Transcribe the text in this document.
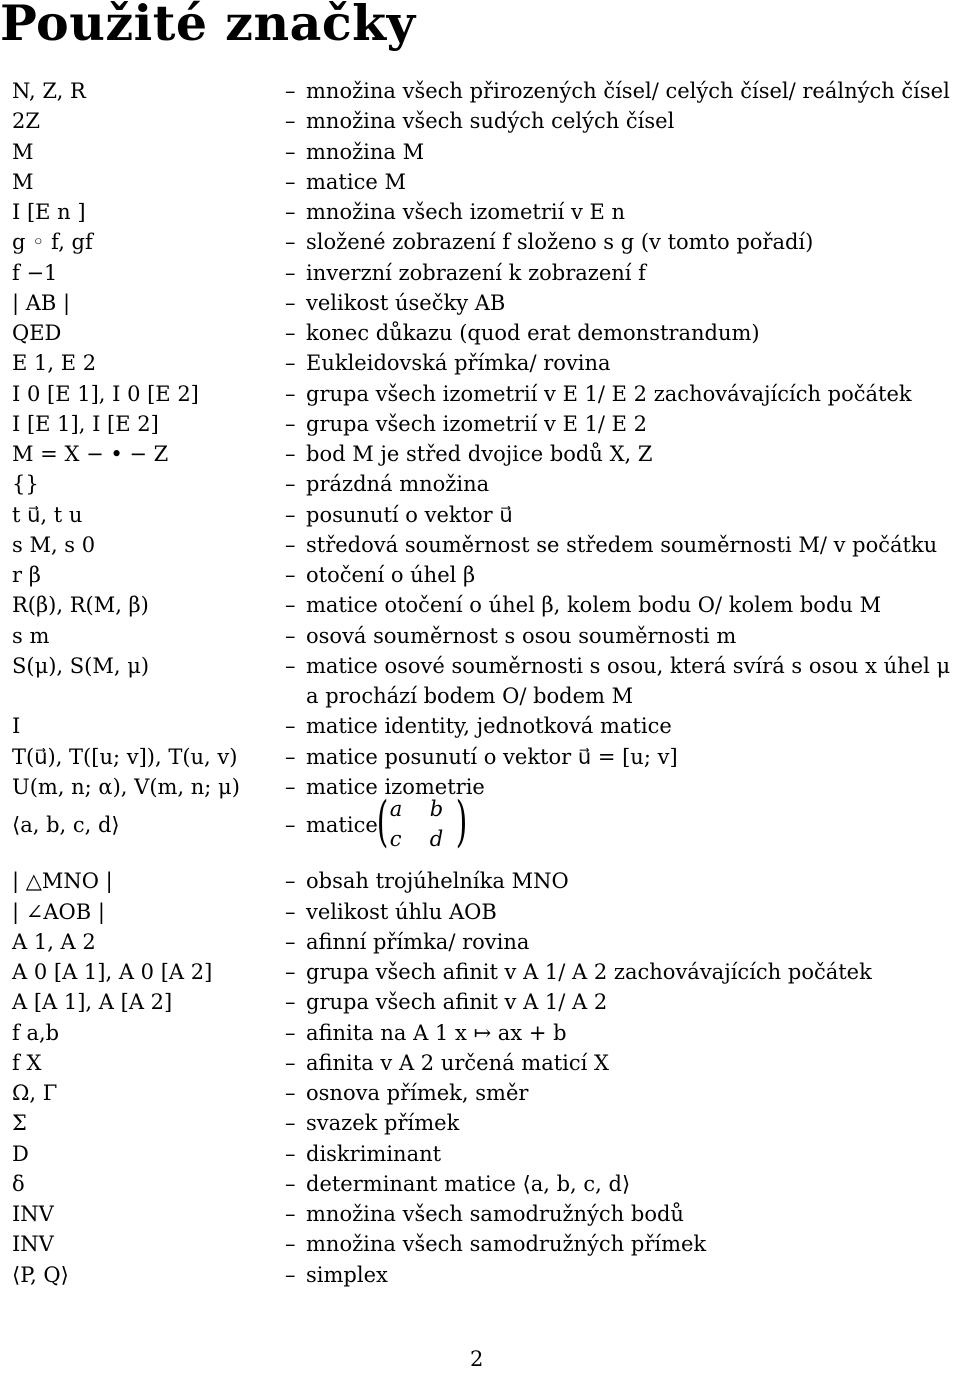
Použité značky
N, Z, R	– množina všech přirozených čísel/ celých čísel/ reálných čísel
2Z	– množina všech sudých celých čísel
M	– množina M
M	– matice M
I [E n ]	– množina všech izometrií v E n
g ◦ f, gf	– složené zobrazení f složeno s g (v tomto pořadí)
f −1	– inverzní zobrazení k zobrazení f
| AB |	– velikost úsečky AB
QED	– konec důkazu (quod erat demonstrandum)
E 1, E 2	– Eukleidovská přímka/ rovina
I 0 [E 1], I 0 [E 2]	– grupa všech izometrií v E 1/ E 2 zachovávajících počátek
I [E 1], I [E 2]	– grupa všech izometrií v E 1/ E 2
M = X − • − Z	– bod M je střed dvojice bodů X, Z
{}	– prázdná množina
t u⃗, t u	– posunutí o vektor u⃗
s M, s 0	– středová souměrnost se středem souměrnosti M/ v počátku
r β	– otočení o úhel β
R(β), R(M, β)	– matice otočení o úhel β, kolem bodu O/ kolem bodu M
s m	– osová souměrnost s osou souměrnosti m
S(μ), S(M, μ)	– matice osové souměrnosti s osou, která svírá s osou x úhel μ
a prochází bodem O/ bodem M
I	– matice identity, jednotková matice
T(u⃗), T([u; v]), T(u, v) – matice posunutí o vektor u⃗ = [u; v]
U(m, n; α), V(m, n; μ) – matice izometrie
⟨a, b, c, d⟩	– matice
( )
a b
c d
| △MNO |	– obsah trojúhelníka MNO
| ∠AOB |	– velikost úhlu AOB
A 1, A 2	– afinní přímka/ rovina
A 0 [A 1], A 0 [A 2]	– grupa všech afinit v A 1/ A 2 zachovávajících počátek
A [A 1], A [A 2]	– grupa všech afinit v A 1/ A 2
f a,b	– afinita na A 1 x ↦ ax + b
f X	– afinita v A 2 určená maticí X
Ω, Γ	– osnova přímek, směr
Σ	– svazek přímek
D	– diskriminant
δ	– determinant matice ⟨a, b, c, d⟩
INV	– množina všech samodružných bodů
INV	– množina všech samodružných přímek
⟨P, Q⟩	– simplex
2
